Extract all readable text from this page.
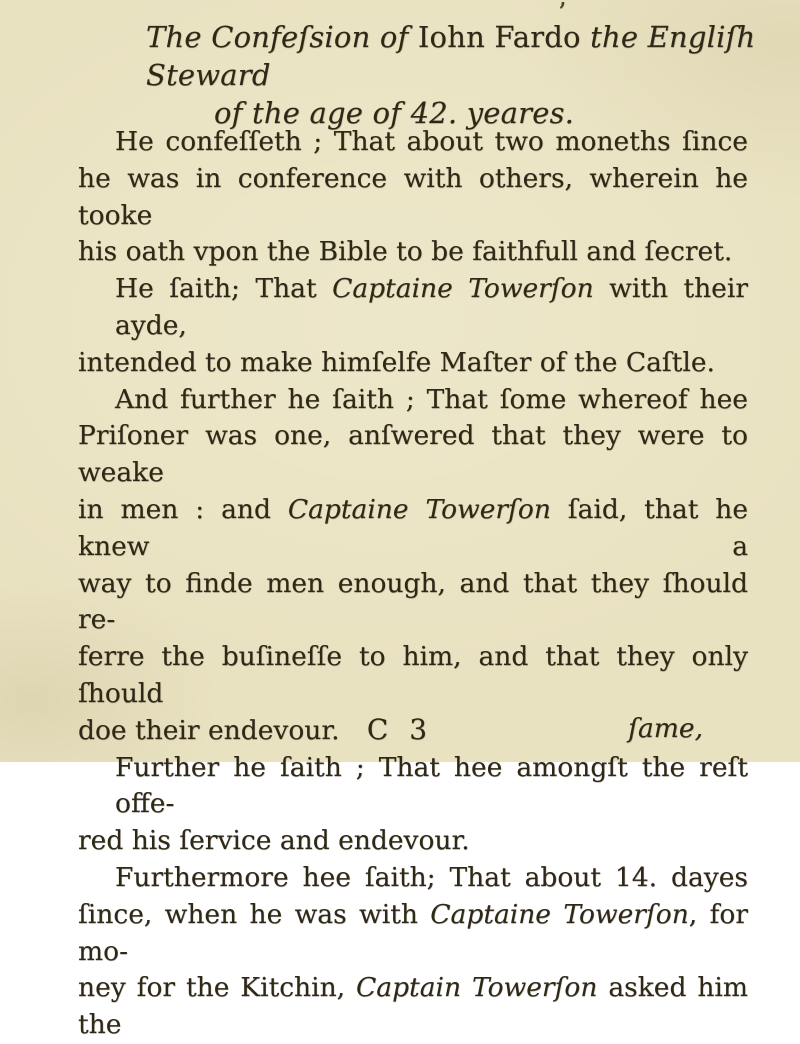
’
The Confeſsion of Iohn Fardo the Engliſh Steward
of the age of 42. yeares.
He confeſſeth ; That about two moneths ſince
he was in conference with others, wherein he tooke
his oath vpon the Bible to be faithfull and ſecret.
He ſaith; That Captaine Towerſon with their ayde,
intended to make himſelfe Maſter of the Caſtle.
And further he ſaith ; That ſome whereof hee
Priſoner was one, anſwered that they were to weake
in men : and Captaine Towerſon ſaid, that he knew a
way to finde men enough, and that they ſhould re-
ferre the buſineſſe to him, and that they only ſhould
doe their endevour.
Further he ſaith ; That hee amongſt the reſt offe-
red his ſervice and endevour.
Furthermore hee ſaith; That about 14. dayes
ſince, when he was with Captaine Towerſon, for mo-
ney for the Kitchin, Captain Towerſon asked him the
C 3	ſame,
